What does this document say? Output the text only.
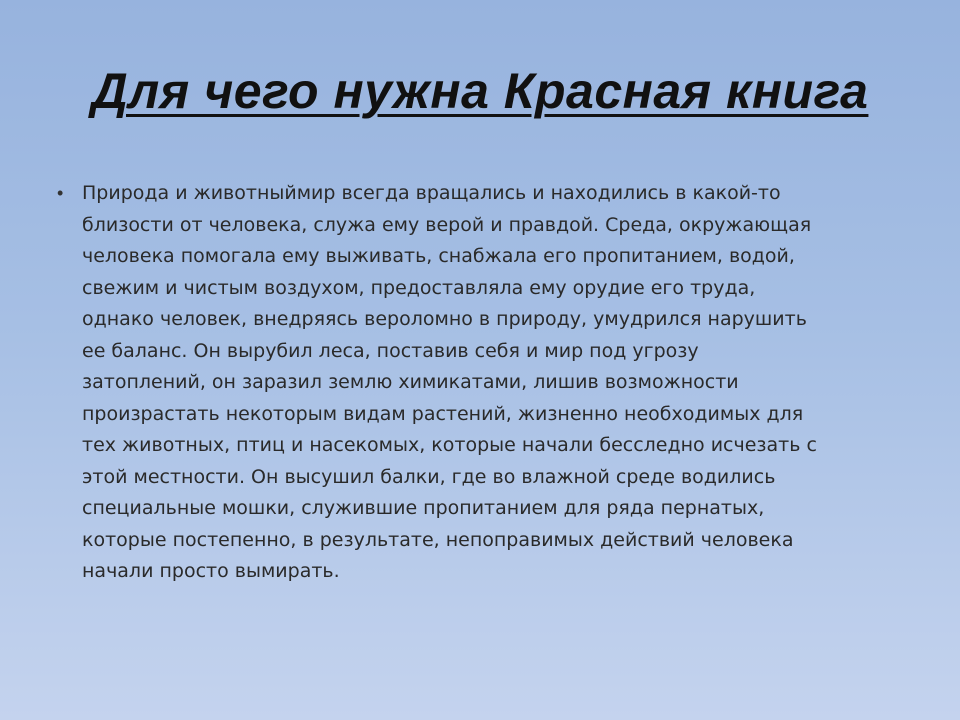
Для чего нужна Красная книга
• Природа и животныймир всегда вращались и находились в какой-то
близости от человека, служа ему верой и правдой. Среда, окружающая
человека помогала ему выживать, снабжала его пропитанием, водой,
свежим и чистым воздухом, предоставляла ему орудие его труда,
однако человек, внедряясь вероломно в природу, умудрился нарушить
ее баланс. Он вырубил леса, поставив себя и мир под угрозу
затоплений, он заразил землю химикатами, лишив возможности
произрастать некоторым видам растений, жизненно необходимых для
тех животных, птиц и насекомых, которые начали бесследно исчезать с
этой местности. Он высушил балки, где во влажной среде водились
специальные мошки, служившие пропитанием для ряда пернатых,
которые постепенно, в результате, непоправимых действий человека
начали просто вымирать.
